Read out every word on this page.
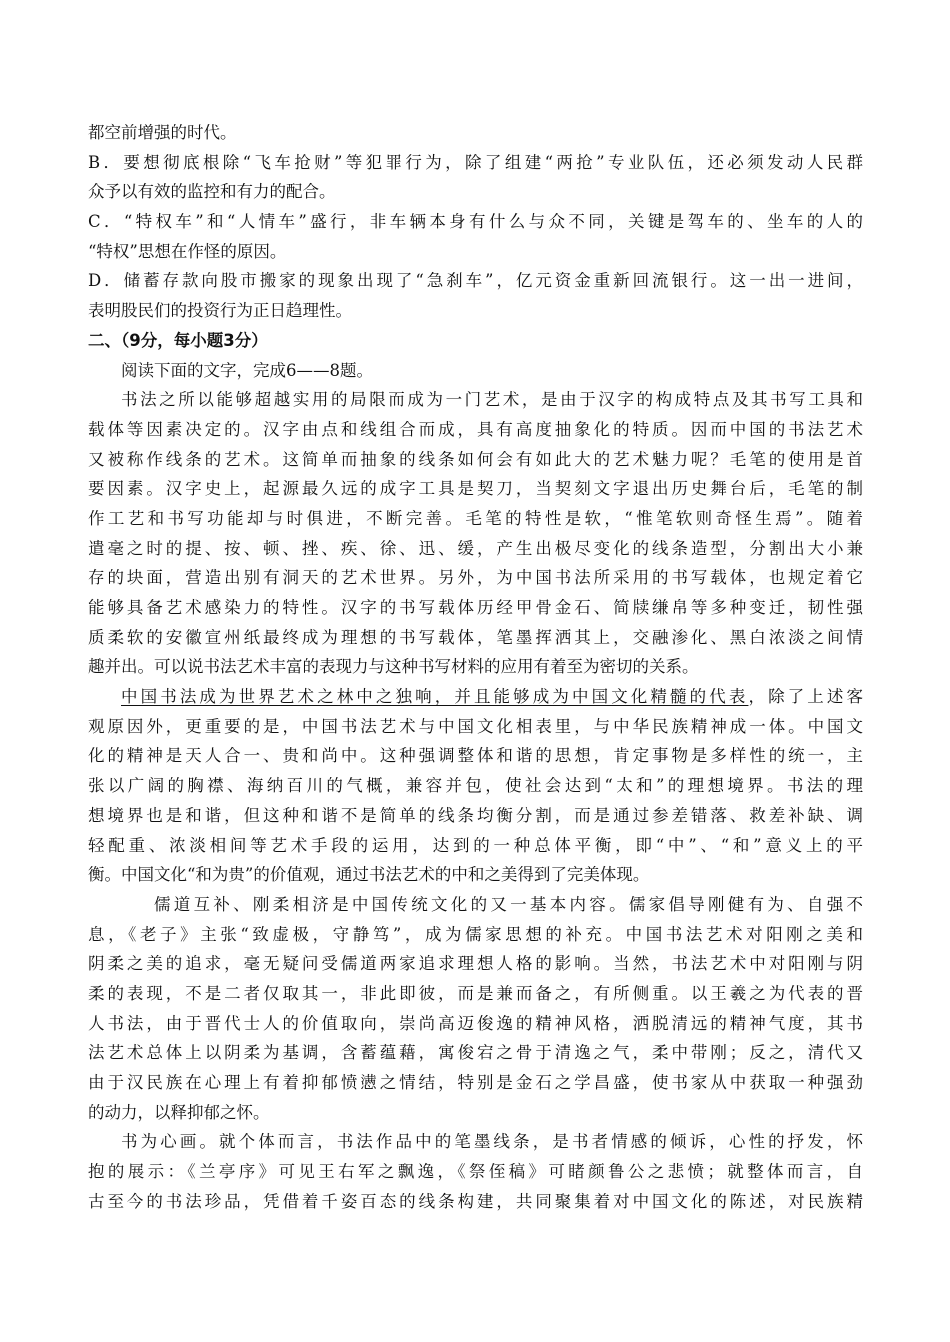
都空前增强的时代。
B．要想彻底根除“飞车抢财”等犯罪行为，除了组建“两抢”专业队伍，还必须发动人民群
众予以有效的监控和有力的配合。
C．“特权车”和“人情车”盛行，非车辆本身有什么与众不同，关键是驾车的、坐车的人的
“特权”思想在作怪的原因。
D．储蓄存款向股市搬家的现象出现了“急刹车”，亿元资金重新回流银行。这一出一进间，
表明股民们的投资行为正日趋理性。
二、（9分，每小题3分）
阅读下面的文字，完成6——8题。
书法之所以能够超越实用的局限而成为一门艺术，是由于汉字的构成特点及其书写工具和
载体等因素决定的。汉字由点和线组合而成，具有高度抽象化的特质。因而中国的书法艺术
又被称作线条的艺术。这简单而抽象的线条如何会有如此大的艺术魅力呢？毛笔的使用是首
要因素。汉字史上，起源最久远的成字工具是契刀，当契刻文字退出历史舞台后，毛笔的制
作工艺和书写功能却与时俱进，不断完善。毛笔的特性是软，“惟笔软则奇怪生焉”。随着
遣毫之时的提、按、顿、挫、疾、徐、迅、缓，产生出极尽变化的线条造型，分割出大小兼
存的块面，营造出别有洞天的艺术世界。另外，为中国书法所采用的书写载体，也规定着它
能够具备艺术感染力的特性。汉字的书写载体历经甲骨金石、简牍缣帛等多种变迁，韧性强
质柔软的安徽宣州纸最终成为理想的书写载体，笔墨挥洒其上，交融渗化、黑白浓淡之间情
趣并出。可以说书法艺术丰富的表现力与这种书写材料的应用有着至为密切的关系。
中国书法成为世界艺术之林中之独响，并且能够成为中国文化精髓的代表，除了上述客
观原因外，更重要的是，中国书法艺术与中国文化相表里，与中华民族精神成一体。中国文
化的精神是天人合一、贵和尚中。这种强调整体和谐的思想，肯定事物是多样性的统一，主
张以广阔的胸襟、海纳百川的气概，兼容并包，使社会达到“太和”的理想境界。书法的理
想境界也是和谐，但这种和谐不是简单的线条均衡分割，而是通过参差错落、救差补缺、调
轻配重、浓淡相间等艺术手段的运用，达到的一种总体平衡，即“中”、“和”意义上的平
衡。中国文化“和为贵”的价值观，通过书法艺术的中和之美得到了完美体现。
儒道互补、刚柔相济是中国传统文化的又一基本内容。儒家倡导刚健有为、自强不
息，《老子》主张“致虚极，守静笃”，成为儒家思想的补充。中国书法艺术对阳刚之美和
阴柔之美的追求，毫无疑问受儒道两家追求理想人格的影响。当然，书法艺术中对阳刚与阴
柔的表现，不是二者仅取其一，非此即彼，而是兼而备之，有所侧重。以王羲之为代表的晋
人书法，由于晋代士人的价值取向，崇尚高迈俊逸的精神风格，洒脱清远的精神气度，其书
法艺术总体上以阴柔为基调，含蓄蕴藉，寓俊宕之骨于清逸之气，柔中带刚；反之，清代又
由于汉民族在心理上有着抑郁愤懑之情结，特别是金石之学昌盛，使书家从中获取一种强劲
的动力，以释抑郁之怀。
书为心画。就个体而言，书法作品中的笔墨线条，是书者情感的倾诉，心性的抒发，怀
抱的展示：《兰亭序》可见王右军之飘逸，《祭侄稿》可睹颜鲁公之悲愤；就整体而言，自
古至今的书法珍品，凭借着千姿百态的线条构建，共同聚集着对中国文化的陈述，对民族精
